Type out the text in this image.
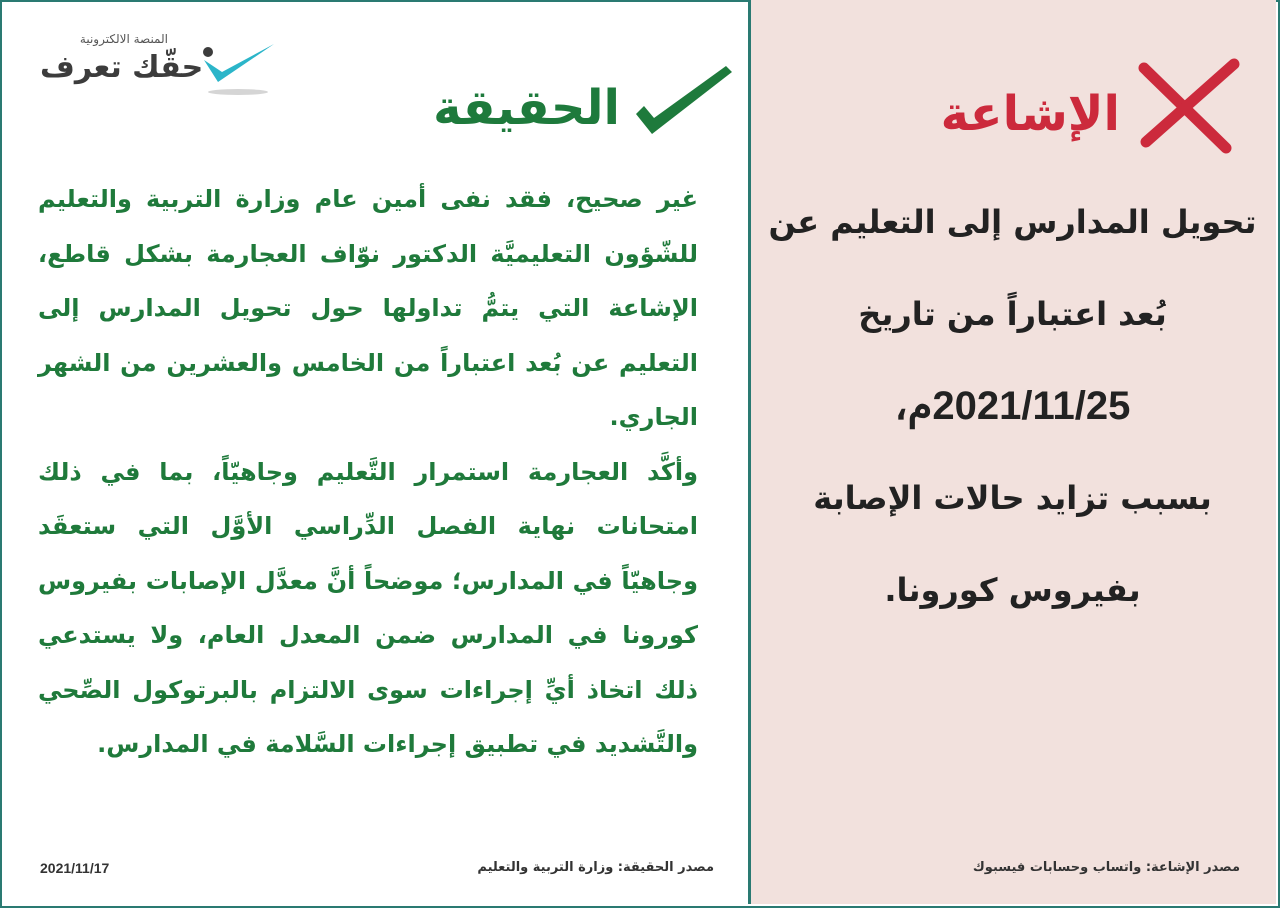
المنصة الالكترونية
حقّك تعرف
الحقيقة	الإشاعة

غير صحيح، فقد نفى أمين عام وزارة التربية والتعليم للشّؤون التعليميَّة الدكتور نوّاف العجارمة بشكل قاطع، الإشاعة التي يتمُّ تداولها حول تحويل المدارس إلى التعليم عن بُعد اعتباراً من الخامس والعشرين من الشهر الجاري.

وأكَّد العجارمة استمرار التَّعليم وجاهيّاً، بما في ذلك امتحانات نهاية الفصل الدِّراسي الأوَّل التي ستعقَد وجاهيّاً في المدارس؛ موضحاً أنَّ معدَّل الإصابات بفيروس كورونا في المدارس ضمن المعدل العام، ولا يستدعي ذلك اتخاذ أيِّ إجراءات سوى الالتزام بالبرتوكول الصِّحي والتَّشديد في تطبيق إجراءات السَّلامة في المدارس.

تحويل المدارس إلى التعليم عن
بُعد اعتباراً من تاريخ
2021/11/25م،
بسبب تزايد حالات الإصابة
بفيروس كورونا.
مصدر الحقيقة: وزارة التربية والتعليم
2021/11/17	مصدر الإشاعة: واتساب وحسابات فيسبوك
